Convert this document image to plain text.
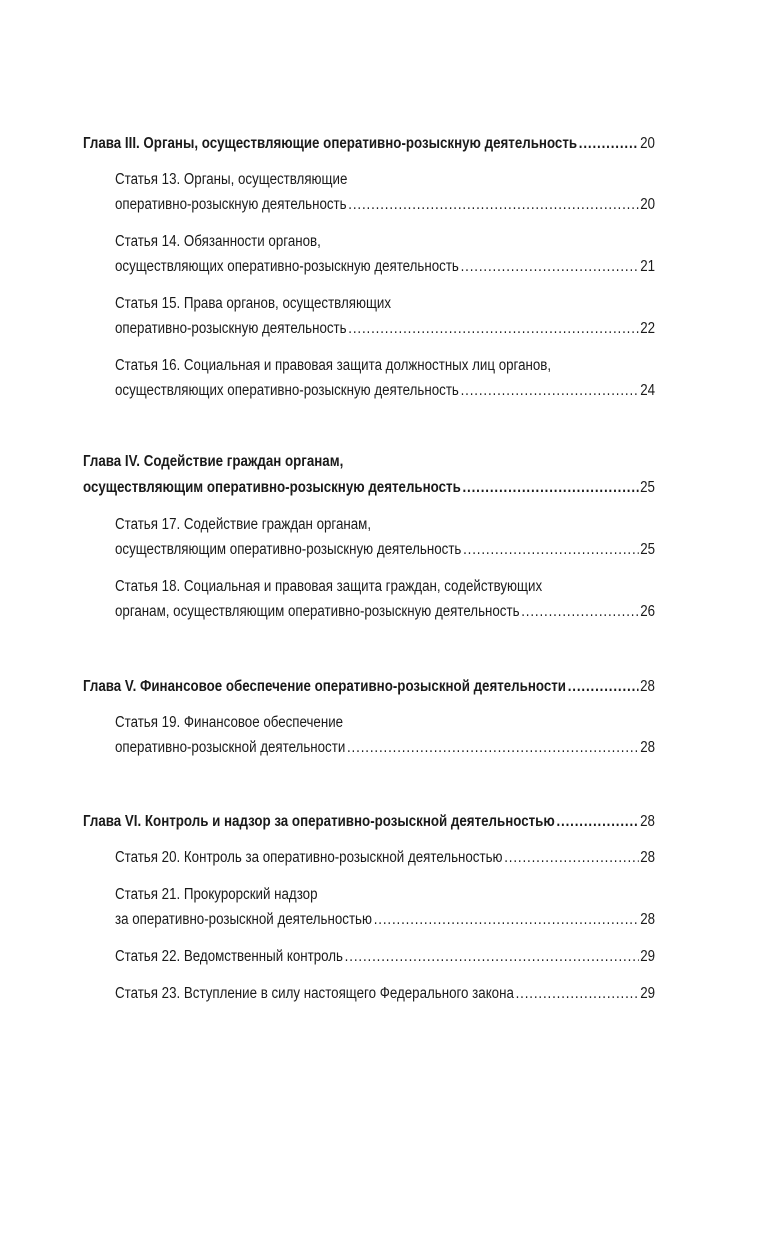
Глава III. Органы, осуществляющие оперативно-розыскную деятельность .....	20
Статья 13. Органы, осуществляющие
оперативно-розыскную деятельность .....	20
Статья 14. Обязанности органов,
осуществляющих оперативно-розыскную деятельность .....	21
Статья 15. Права органов, осуществляющих
оперативно-розыскную деятельность .....	22
Статья 16. Социальная и правовая защита должностных лиц органов,
осуществляющих оперативно-розыскную деятельность .....	24
Глава IV. Содействие граждан органам,
осуществляющим оперативно-розыскную деятельность .....	25
Статья 17. Содействие граждан органам,
осуществляющим оперативно-розыскную деятельность .....	25
Статья 18. Социальная и правовая защита граждан, содействующих
органам, осуществляющим оперативно-розыскную деятельность .....	26
Глава V. Финансовое обеспечение оперативно-розыскной деятельности .....	28
Статья 19. Финансовое обеспечение
оперативно-розыскной деятельности .....	28
Глава VI. Контроль и надзор за оперативно-розыскной деятельностью .....	28
Статья 20. Контроль за оперативно-розыскной деятельностью .....	28
Статья 21. Прокурорский надзор
за оперативно-розыскной деятельностью .....	28
Статья 22. Ведомственный контроль .....	29
Статья 23. Вступление в силу настоящего Федерального закона .....	29
